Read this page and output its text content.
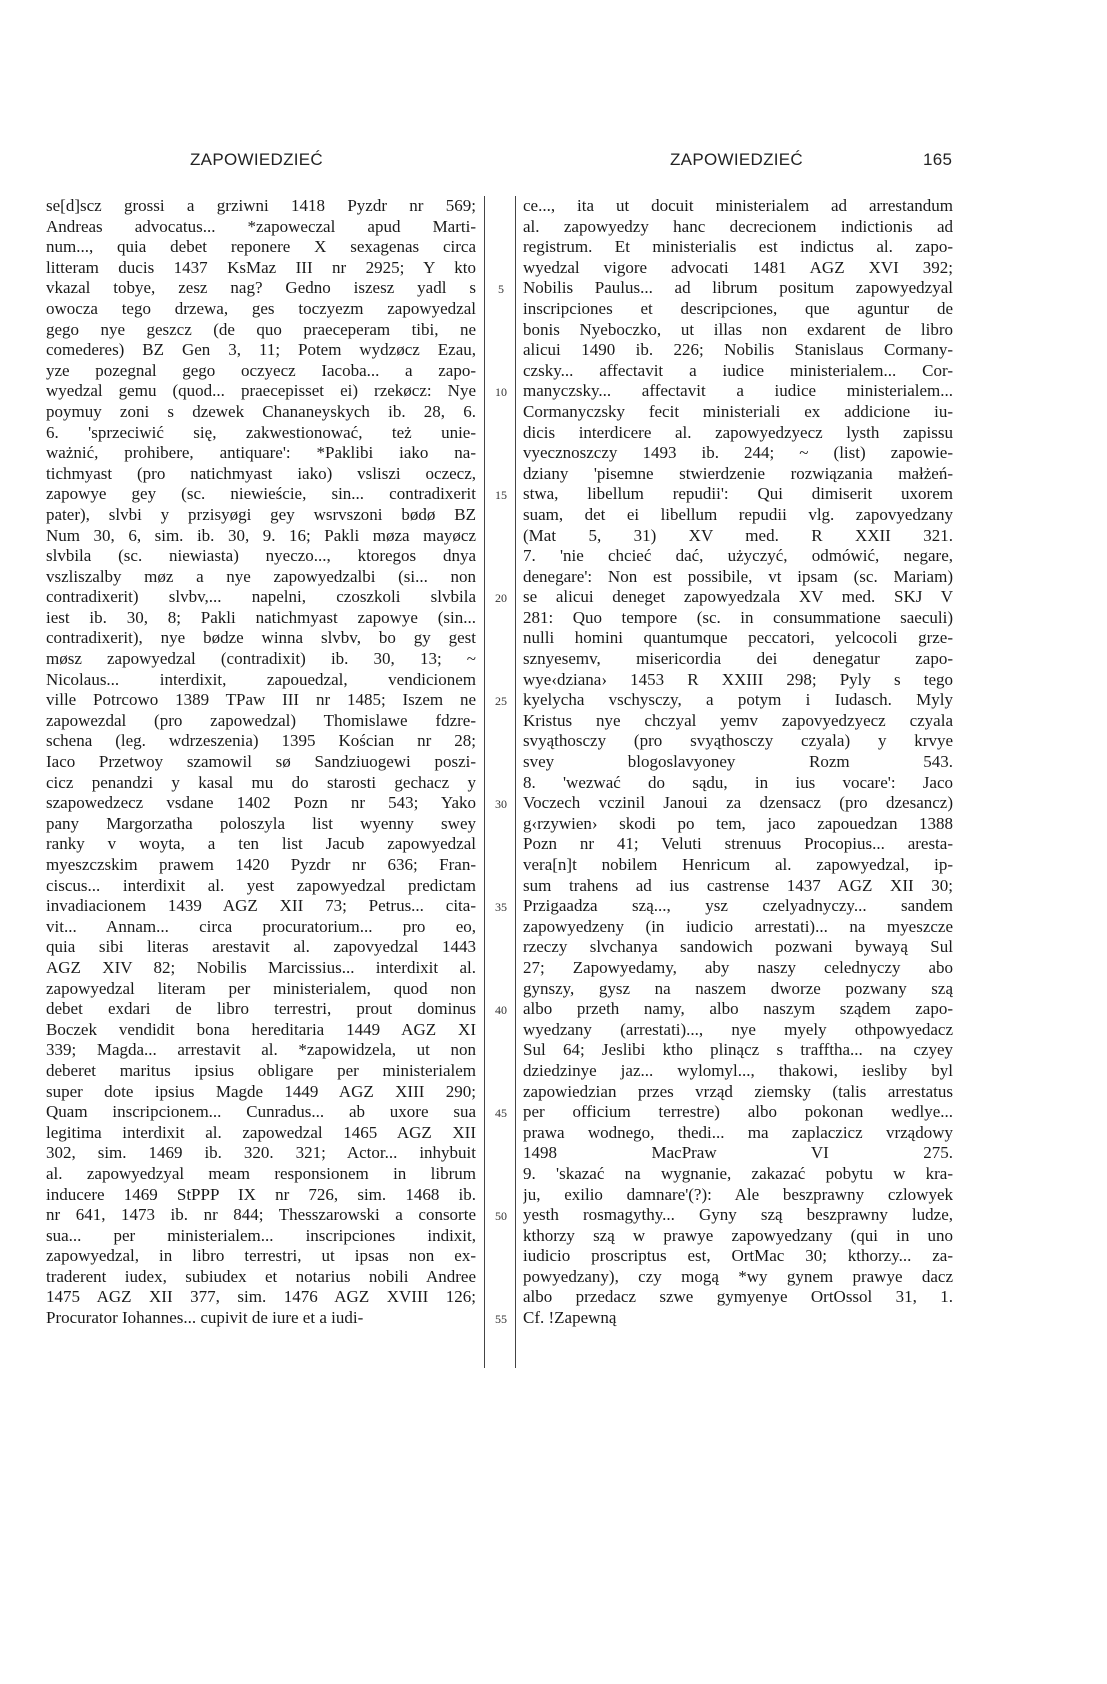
ZAPOWIEDZIEĆ	ZAPOWIEDZIEĆ	165
se[d]scz grossi a grziwni 1418 Pyzdr nr 569;
Andreas advocatus... *zapoweczal apud Marti-
num..., quia debet reponere X sexagenas circa
litteram ducis 1437 KsMaz III nr 2925; Y kto
vkazal tobye, zesz nag? Gedno iszesz yadl s
owocza tego drzewa, ges toczyezm zapowyedzal
gego nye geszcz (de quo praeceperam tibi, ne
comederes) BZ Gen 3, 11; Potem wydzøcz Ezau,
yze pozegnal gego oczyecz Iacoba... a zapo-
wyedzal gemu (quod... praecepisset ei) rzekøcz: Nye
poymuy zoni s dzewek Chananeyskych ib. 28, 6.
6. 'sprzeciwić się, zakwestionować, też unie-
ważnić, prohibere, antiquare': *Paklibi iako na-
tichmyast (pro natichmyast iako) vsliszi oczecz,
zapowye gey (sc. niewieście, sin... contradixerit
pater), slvbi y przisyøgi gey wsrvszoni bødø BZ
Num 30, 6, sim. ib. 30, 9. 16; Pakli møza mayøcz
slvbila (sc. niewiasta) nyeczo..., ktoregos dnya
vszliszalby møz a nye zapowyedzalbi (si... non
contradixerit) slvbv,... napelni, czoszkoli slvbila
iest ib. 30, 8; Pakli natichmyast zapowye (sin...
contradixerit), nye bødze winna slvbv, bo gy gest
møsz zapowyedzal (contradixit) ib. 30, 13; ~
Nicolaus... interdixit, zapouedzal, vendicionem
ville Potrcowo 1389 TPaw III nr 1485; Iszem ne
zapowezdal (pro zapowedzal) Thomislawe fdzre-
schena (leg. wdrzeszenia) 1395 Kościan nr 28;
Iaco Przetwoy szamowil sø Sandziuogewi poszi-
cicz penandzi y kasal mu do starosti gechacz y
szapowedzecz vsdane 1402 Pozn nr 543; Yako
pany Margorzatha poloszyla list wyenny swey
ranky v woyta, a ten list Jacub zapowyedzal
myeszczskim prawem 1420 Pyzdr nr 636; Fran-
ciscus... interdixit al. yest zapowyedzal predictam
invadiacionem 1439 AGZ XII 73; Petrus... cita-
vit... Annam... circa procuratorium... pro eo,
quia sibi literas arestavit al. zapovyedzal 1443
AGZ XIV 82; Nobilis Marcissius... interdixit al.
zapowyedzal literam per ministerialem, quod non
debet exdari de libro terrestri, prout dominus
Boczek vendidit bona hereditaria 1449 AGZ XI
339; Magda... arrestavit al. *zapowidzela, ut non
deberet maritus ipsius obligare per ministerialem
super dote ipsius Magde 1449 AGZ XIII 290;
Quam inscripcionem... Cunradus... ab uxore sua
legitima interdixit al. zapowedzal 1465 AGZ XII
302, sim. 1469 ib. 320. 321; Actor... inhybuit
al. zapowyedzyal meam responsionem in librum
inducere 1469 StPPP IX nr 726, sim. 1468 ib.
nr 641, 1473 ib. nr 844; Thesszarowski a consorte
sua... per ministerialem... inscripciones indixit,
zapowyedzal, in libro terrestri, ut ipsas non ex-
traderent iudex, subiudex et notarius nobili Andree
1475 AGZ XII 377, sim. 1476 AGZ XVIII 126;
Procurator Iohannes... cupivit de iure et a iudi-
5
10
15
20
25
30
35
40
45
50
55
ce..., ita ut docuit ministerialem ad arrestandum
al. zapowyedzy hanc decrecionem indictionis ad
registrum. Et ministerialis est indictus al. zapo-
wyedzal vigore advocati 1481 AGZ XVI 392;
Nobilis Paulus... ad librum positum zapowyedzyal
inscripciones et descripciones, que aguntur de
bonis Nyeboczko, ut illas non exdarent de libro
alicui 1490 ib. 226; Nobilis Stanislaus Cormany-
czsky... affectavit a iudice ministerialem... Cor-
manyczsky... affectavit a iudice ministerialem...
Cormanyczsky fecit ministeriali ex addicione iu-
dicis interdicere al. zapowyedzyecz lysth zapissu
vyecznoszczy 1493 ib. 244; ~ (list) zapowie-
dziany 'pisemne stwierdzenie rozwiązania małżeń-
stwa, libellum repudii': Qui dimiserit uxorem
suam, det ei libellum repudii vlg. zapovyedzany
(Mat 5, 31) XV med. R XXII 321.
7. 'nie chcieć dać, użyczyć, odmówić, negare,
denegare': Non est possibile, vt ipsam (sc. Mariam)
se alicui deneget zapowyedzala XV med. SKJ V
281: Quo tempore (sc. in consummatione saeculi)
nulli homini quantumque peccatori, yelcocoli grze-
sznyesemv, misericordia dei denegatur zapo-
wye‹dziana› 1453 R XXIII 298; Pyly s tego
kyelycha vschysczy, a potym i Iudasch. Myly
Kristus nye chczyal yemv zapovyedzyecz czyala
svyąthosczy (pro svyąthosczy czyala) y krvye
svey blogoslavyoney Rozm 543.
8. 'wezwać do sądu, in ius vocare': Jaco
Voczech vczinil Janoui za dzensacz (pro dzesancz)
g‹rzywien› skodi po tem, jaco zapouedzan 1388
Pozn nr 41; Veluti strenuus Procopius... aresta-
vera[n]t nobilem Henricum al. zapowyedzal, ip-
sum trahens ad ius castrense 1437 AGZ XII 30;
Przigaadza szą..., ysz czelyadnyczy... sandem
zapowyedzeny (in iudicio arrestati)... na myeszcze
rzeczy slvchanya sandowich pozwani bywayą Sul
27; Zapowyedamy, aby naszy celednyczy abo
gynszy, gysz na naszem dworze pozwany szą
albo przeth namy, albo naszym sządem zapo-
wyedzany (arrestati)..., nye myely othpowyedacz
Sul 64; Jeslibi ktho plinącz s trafftha... na czyey
dziedzinye jaz... wylomyl..., thakowi, iesliby byl
zapowiedzian przes vrząd ziemsky (talis arrestatus
per officium terrestre) albo pokonan wedlye...
prawa wodnego, thedi... ma zaplaczicz vrządowy
1498 MacPraw VI 275.
9. 'skazać na wygnanie, zakazać pobytu w kra-
ju, exilio damnare'(?): Ale beszprawny czlowyek
yesth rosmagythy... Gyny szą beszprawny ludze,
kthorzy szą w prawye zapowyedzany (qui in uno
iudicio proscriptus est, OrtMac 30; kthorzy... za-
powyedzany), czy mogą *wy gynem prawye dacz
albo przedacz szwe gymyenye OrtOssol 31, 1.
Cf. !Zapewną
